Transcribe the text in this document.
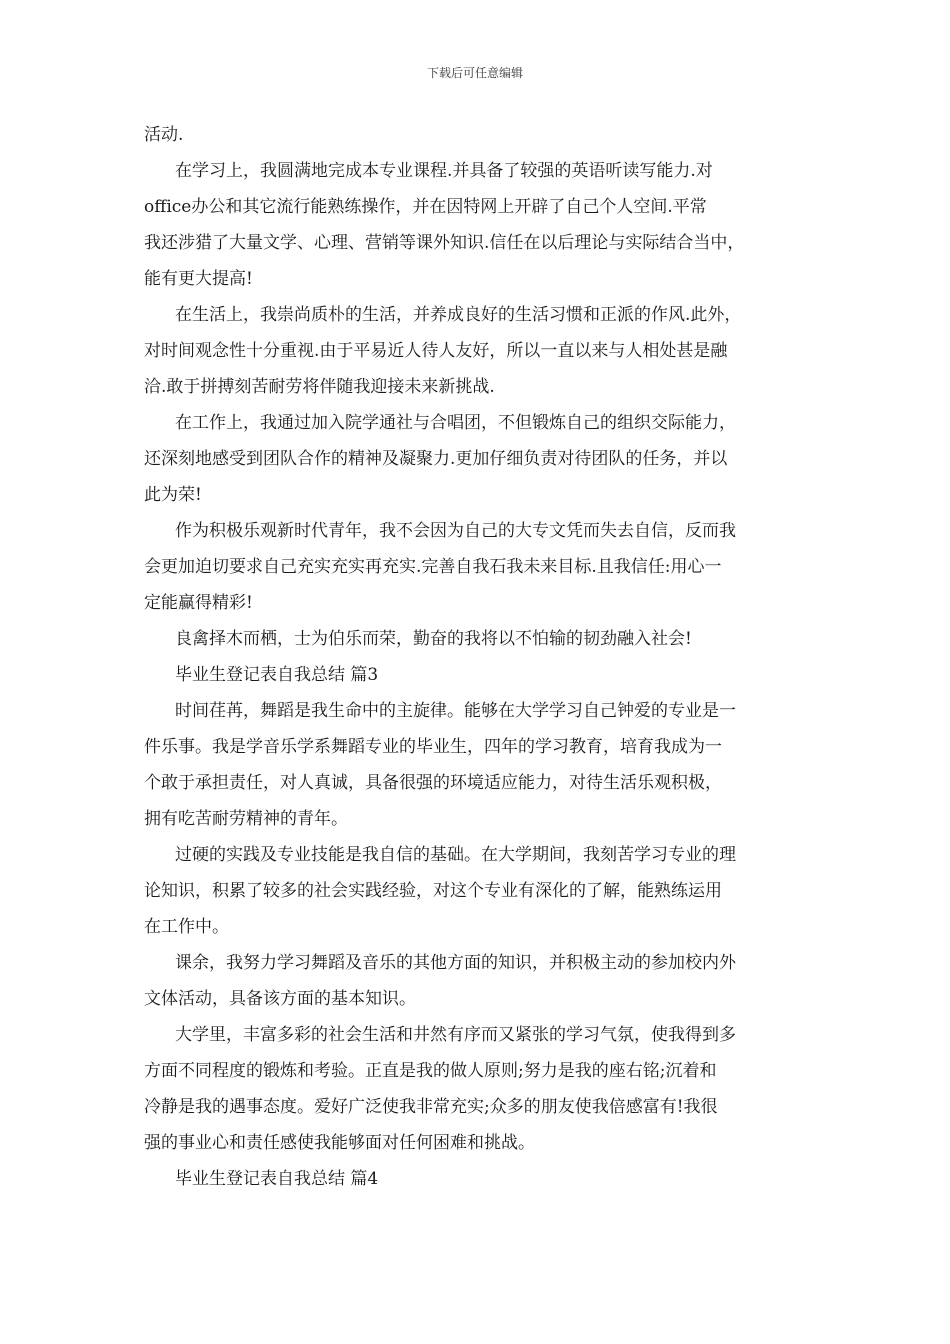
下载后可任意编辑
活动.
在学习上，我圆满地完成本专业课程.并具备了较强的英语听读写能力.对
office办公和其它流行能熟练操作，并在因特网上开辟了自己个人空间.平常
我还涉猎了大量文学、心理、营销等课外知识.信任在以后理论与实际结合当中，
能有更大提高!
在生活上，我崇尚质朴的生活，并养成良好的生活习惯和正派的作风.此外，
对时间观念性十分重视.由于平易近人待人友好，所以一直以来与人相处甚是融
洽.敢于拼搏刻苦耐劳将伴随我迎接未来新挑战.
在工作上，我通过加入院学通社与合唱团，不但锻炼自己的组织交际能力，
还深刻地感受到团队合作的精神及凝聚力.更加仔细负责对待团队的任务，并以
此为荣!
作为积极乐观新时代青年，我不会因为自己的大专文凭而失去自信，反而我
会更加迫切要求自己充实充实再充实.完善自我石我未来目标.且我信任:用心一
定能赢得精彩!
良禽择木而栖，士为伯乐而荣，勤奋的我将以不怕输的韧劲融入社会!
毕业生登记表自我总结 篇3
时间荏苒，舞蹈是我生命中的主旋律。能够在大学学习自己钟爱的专业是一
件乐事。我是学音乐学系舞蹈专业的毕业生，四年的学习教育，培育我成为一
个敢于承担责任，对人真诚，具备很强的环境适应能力，对待生活乐观积极，
拥有吃苦耐劳精神的青年。
过硬的实践及专业技能是我自信的基础。在大学期间，我刻苦学习专业的理
论知识，积累了较多的社会实践经验，对这个专业有深化的了解，能熟练运用
在工作中。
课余，我努力学习舞蹈及音乐的其他方面的知识，并积极主动的参加校内外
文体活动，具备该方面的基本知识。
大学里，丰富多彩的社会生活和井然有序而又紧张的学习气氛，使我得到多
方面不同程度的锻炼和考验。正直是我的做人原则;努力是我的座右铭;沉着和
冷静是我的遇事态度。爱好广泛使我非常充实;众多的朋友使我倍感富有!我很
强的事业心和责任感使我能够面对任何困难和挑战。
毕业生登记表自我总结 篇4
